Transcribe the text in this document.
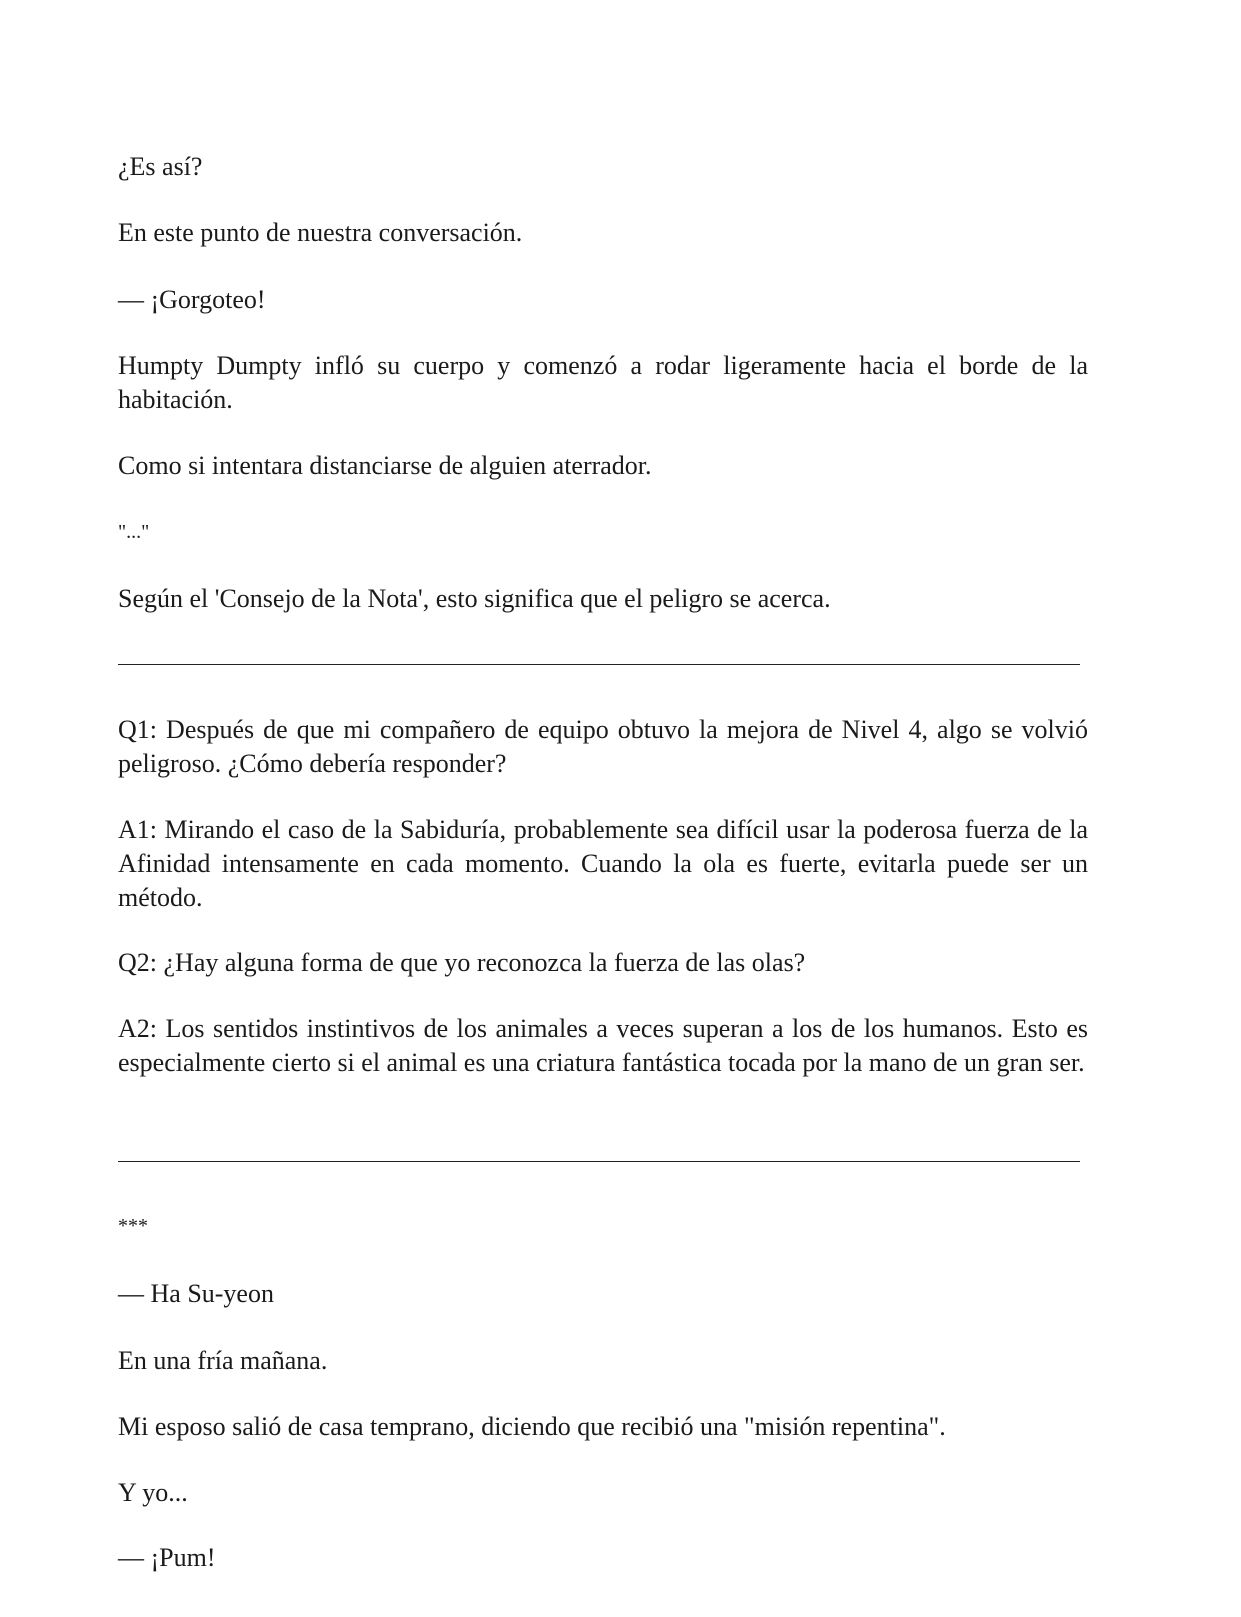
¿Es así?

En este punto de nuestra conversación.

— ¡Gorgoteo!

Humpty Dumpty infló su cuerpo y comenzó a rodar ligeramente hacia el borde de la habitación.

Como si intentara distanciarse de alguien aterrador.

"..."

Según el 'Consejo de la Nota', esto significa que el peligro se acerca.

Q1: Después de que mi compañero de equipo obtuvo la mejora de Nivel 4, algo se volvió peligroso. ¿Cómo debería responder?

A1: Mirando el caso de la Sabiduría, probablemente sea difícil usar la poderosa fuerza de la Afinidad intensamente en cada momento. Cuando la ola es fuerte, evitarla puede ser un método.

Q2: ¿Hay alguna forma de que yo reconozca la fuerza de las olas?

A2: Los sentidos instintivos de los animales a veces superan a los de los humanos. Esto es especialmente cierto si el animal es una criatura fantástica tocada por la mano de un gran ser.

***

— Ha Su-yeon

En una fría mañana.

Mi esposo salió de casa temprano, diciendo que recibió una "misión repentina".

Y yo...

— ¡Pum!
